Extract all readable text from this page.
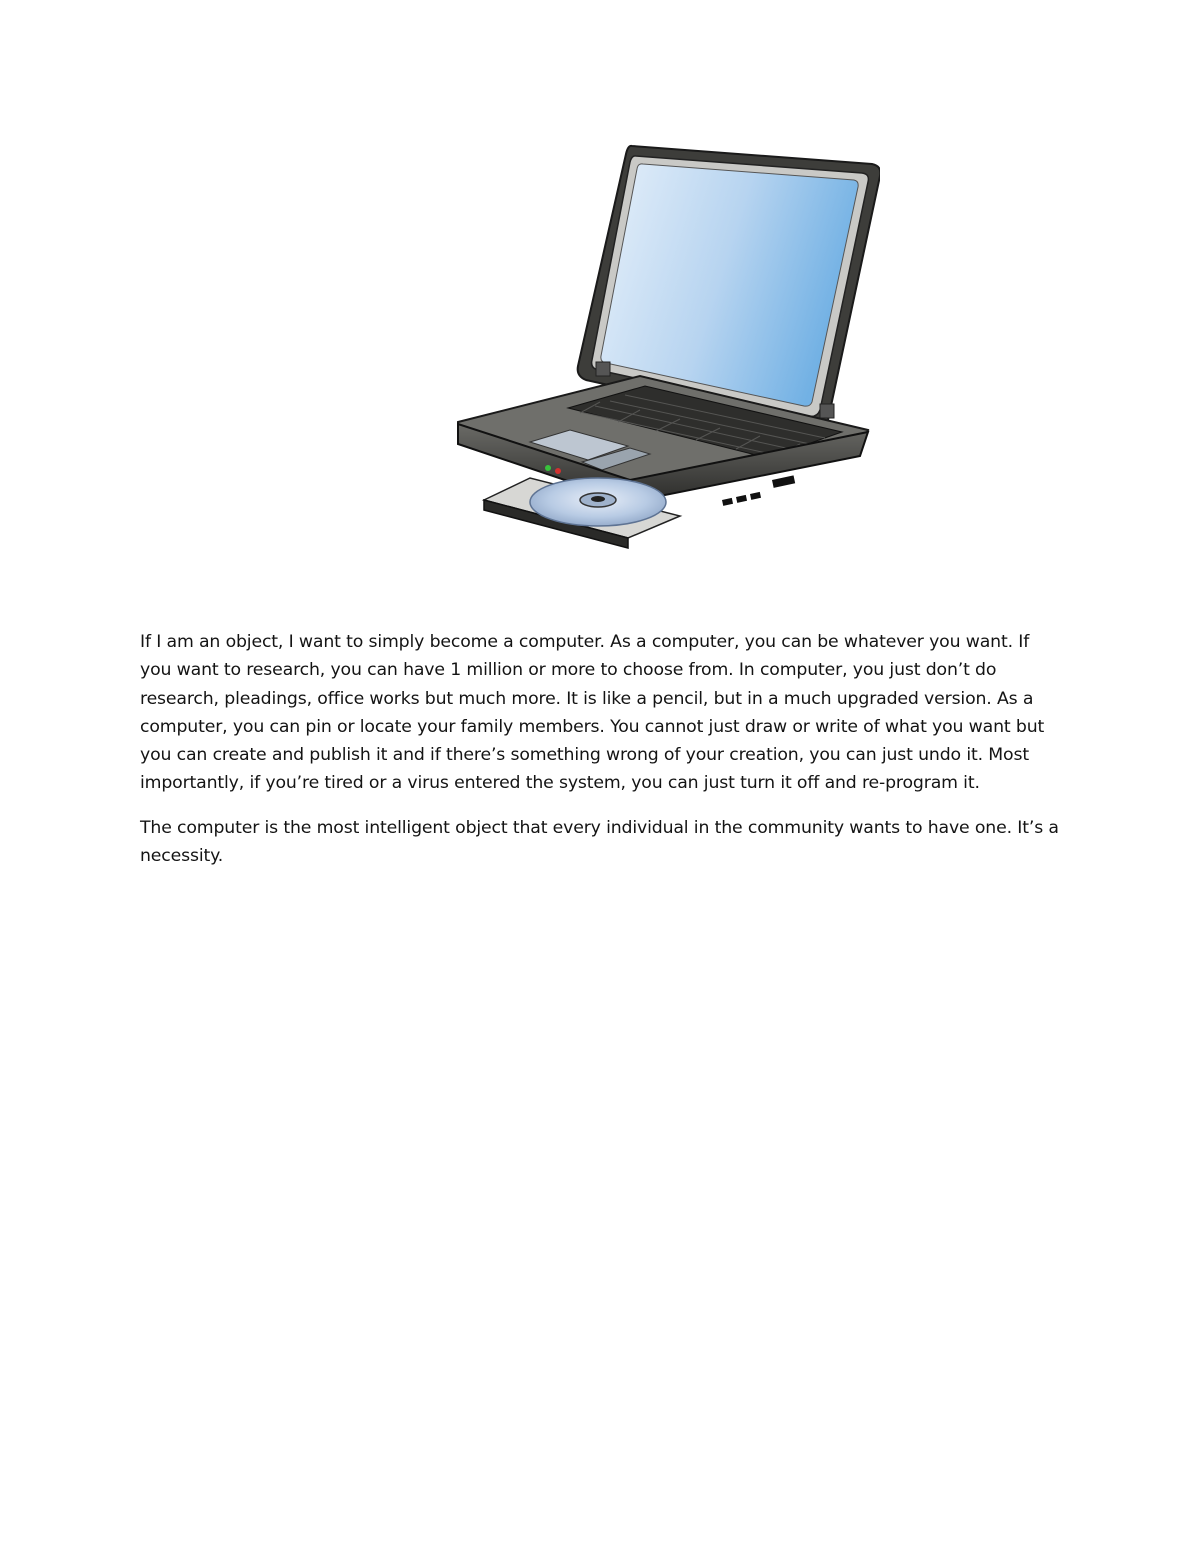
If I am an object, I want to simply become a computer. As a computer, you can be whatever you want. If you want to research, you can have 1 million or more to choose from. In computer, you just don’t do research, pleadings, office works but much more. It is like a pencil, but in a much upgraded version. As a computer, you can pin or locate your family members. You cannot just draw or write of what you want but you can create and publish it and if there’s something wrong of your creation, you can just undo it. Most importantly, if you’re tired or a virus entered the system, you can just turn it off and re-program it.

The computer is the most intelligent object that every individual in the community wants to have one. It’s a necessity.
